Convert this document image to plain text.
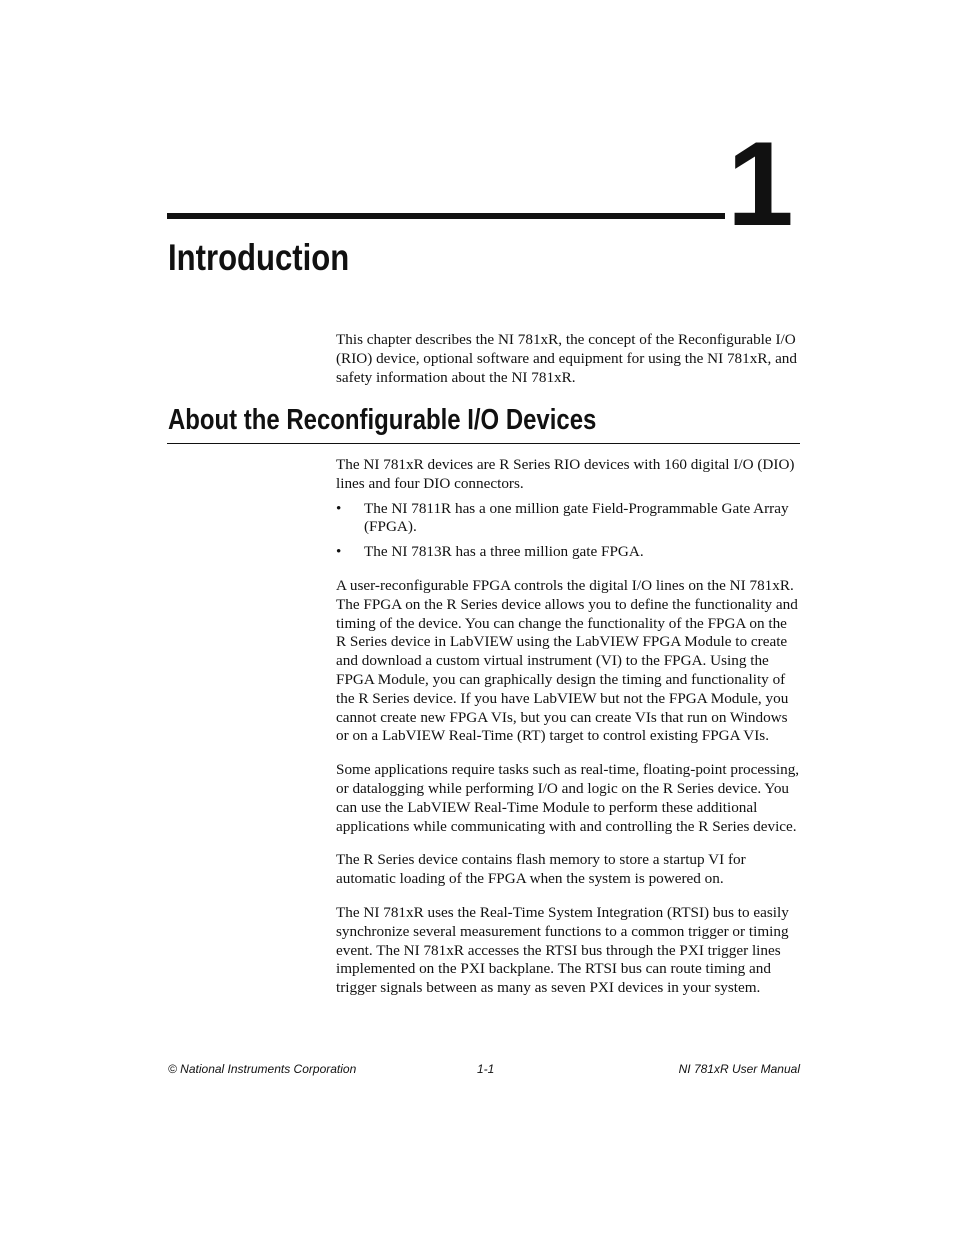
1
Introduction

This chapter describes the NI 781xR, the concept of the Reconfigurable I/O (RIO) device, optional software and equipment for using the NI 781xR, and safety information about the NI 781xR.

About the Reconfigurable I/O Devices

The NI 781xR devices are R Series RIO devices with 160 digital I/O (DIO) lines and four DIO connectors.

• The NI 7811R has a one million gate Field-Programmable Gate Array (FPGA).
• The NI 7813R has a three million gate FPGA.

A user-reconfigurable FPGA controls the digital I/O lines on the NI 781xR. The FPGA on the R Series device allows you to define the functionality and timing of the device. You can change the functionality of the FPGA on the R Series device in LabVIEW using the LabVIEW FPGA Module to create and download a custom virtual instrument (VI) to the FPGA. Using the FPGA Module, you can graphically design the timing and functionality of the R Series device. If you have LabVIEW but not the FPGA Module, you cannot create new FPGA VIs, but you can create VIs that run on Windows or on a LabVIEW Real-Time (RT) target to control existing FPGA VIs.

Some applications require tasks such as real-time, floating-point processing, or datalogging while performing I/O and logic on the R Series device. You can use the LabVIEW Real-Time Module to perform these additional applications while communicating with and controlling the R Series device.

The R Series device contains flash memory to store a startup VI for automatic loading of the FPGA when the system is powered on.

The NI 781xR uses the Real-Time System Integration (RTSI) bus to easily synchronize several measurement functions to a common trigger or timing event. The NI 781xR accesses the RTSI bus through the PXI trigger lines implemented on the PXI backplane. The RTSI bus can route timing and trigger signals between as many as seven PXI devices in your system.

© National Instruments Corporation	1-1	NI 781xR User Manual
